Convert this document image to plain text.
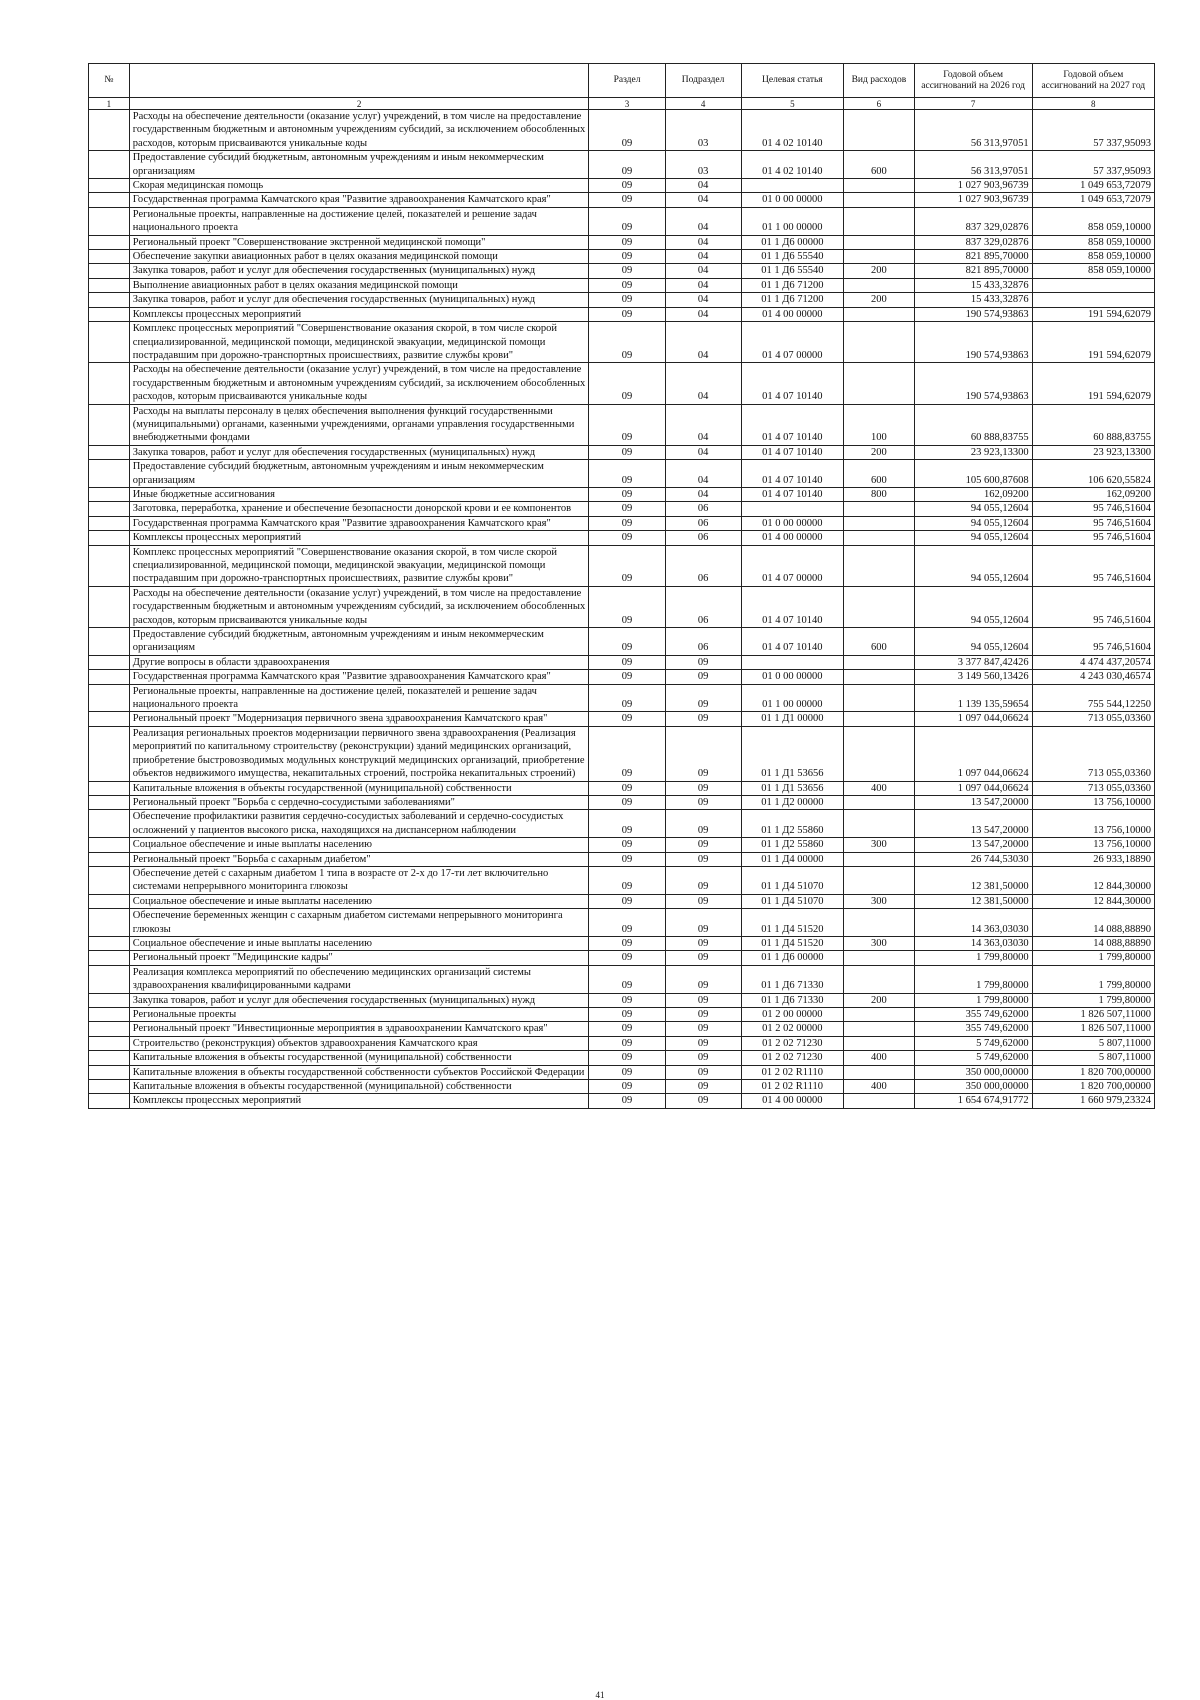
№		Раздел	Подраздел	Целевая статья	Вид расходов	Годовой объем ассигнований на 2026 год	Годовой объем ассигнований на 2027 год
1	2	3	4	5	6	7	8
	Расходы на обеспечение деятельности (оказание услуг) учреждений, в том числе на предоставление государственным бюджетным и автономным учреждениям субсидий, за исключением обособленных расходов, которым присваиваются уникальные коды	09	03	01 4 02 10140		56 313,97051	57 337,95093
	Предоставление субсидий бюджетным, автономным учреждениям и иным некоммерческим организациям	09	03	01 4 02 10140	600	56 313,97051	57 337,95093
	Скорая медицинская помощь	09	04			1 027 903,96739	1 049 653,72079
	Государственная программа Камчатского края "Развитие здравоохранения Камчатского края"	09	04	01 0 00 00000		1 027 903,96739	1 049 653,72079
	Региональные проекты, направленные на достижение целей, показателей и решение задач национального проекта	09	04	01 1 00 00000		837 329,02876	858 059,10000
	Региональный проект "Совершенствование экстренной медицинской помощи"	09	04	01 1 Д6 00000		837 329,02876	858 059,10000
	Обеспечение закупки авиационных работ в целях оказания медицинской помощи	09	04	01 1 Д6 55540		821 895,70000	858 059,10000
	Закупка товаров, работ и услуг для обеспечения государственных (муниципальных) нужд	09	04	01 1 Д6 55540	200	821 895,70000	858 059,10000
	Выполнение авиационных работ в целях оказания медицинской помощи	09	04	01 1 Д6 71200		15 433,32876	
	Закупка товаров, работ и услуг для обеспечения государственных (муниципальных) нужд	09	04	01 1 Д6 71200	200	15 433,32876	
	Комплексы процессных мероприятий	09	04	01 4 00 00000		190 574,93863	191 594,62079
	Комплекс процессных мероприятий "Совершенствование оказания скорой, в том числе скорой специализированной, медицинской помощи, медицинской эвакуации, медицинской помощи пострадавшим при дорожно-транспортных происшествиях, развитие службы крови"	09	04	01 4 07 00000		190 574,93863	191 594,62079
	Расходы на обеспечение деятельности (оказание услуг) учреждений, в том числе на предоставление государственным бюджетным и автономным учреждениям субсидий, за исключением обособленных расходов, которым присваиваются уникальные коды	09	04	01 4 07 10140		190 574,93863	191 594,62079
	Расходы на выплаты персоналу в целях обеспечения выполнения функций государственными (муниципальными) органами, казенными учреждениями, органами управления государственными внебюджетными фондами	09	04	01 4 07 10140	100	60 888,83755	60 888,83755
	Закупка товаров, работ и услуг для обеспечения государственных (муниципальных) нужд	09	04	01 4 07 10140	200	23 923,13300	23 923,13300
	Предоставление субсидий бюджетным, автономным учреждениям и иным некоммерческим организациям	09	04	01 4 07 10140	600	105 600,87608	106 620,55824
	Иные бюджетные ассигнования	09	04	01 4 07 10140	800	162,09200	162,09200
	Заготовка, переработка, хранение и обеспечение безопасности донорской крови и ее компонентов	09	06			94 055,12604	95 746,51604
	Государственная программа Камчатского края "Развитие здравоохранения Камчатского края"	09	06	01 0 00 00000		94 055,12604	95 746,51604
	Комплексы процессных мероприятий	09	06	01 4 00 00000		94 055,12604	95 746,51604
	Комплекс процессных мероприятий "Совершенствование оказания скорой, в том числе скорой специализированной, медицинской помощи, медицинской эвакуации, медицинской помощи пострадавшим при дорожно-транспортных происшествиях, развитие службы крови"	09	06	01 4 07 00000		94 055,12604	95 746,51604
	Расходы на обеспечение деятельности (оказание услуг) учреждений, в том числе на предоставление государственным бюджетным и автономным учреждениям субсидий, за исключением обособленных расходов, которым присваиваются уникальные коды	09	06	01 4 07 10140		94 055,12604	95 746,51604
	Предоставление субсидий бюджетным, автономным учреждениям и иным некоммерческим организациям	09	06	01 4 07 10140	600	94 055,12604	95 746,51604
	Другие вопросы в области здравоохранения	09	09			3 377 847,42426	4 474 437,20574
	Государственная программа Камчатского края "Развитие здравоохранения Камчатского края"	09	09	01 0 00 00000		3 149 560,13426	4 243 030,46574
	Региональные проекты, направленные на достижение целей, показателей и решение задач национального проекта	09	09	01 1 00 00000		1 139 135,59654	755 544,12250
	Региональный проект "Модернизация первичного звена здравоохранения Камчатского края"	09	09	01 1 Д1 00000		1 097 044,06624	713 055,03360
	Реализация региональных проектов модернизации первичного звена здравоохранения (Реализация мероприятий по капитальному строительству (реконструкции) зданий медицинских организаций, приобретение быстровозводимых модульных конструкций медицинских организаций, приобретение объектов недвижимого имущества, некапитальных строений, постройка некапитальных строений)	09	09	01 1 Д1 53656		1 097 044,06624	713 055,03360
	Капитальные вложения в объекты государственной (муниципальной) собственности	09	09	01 1 Д1 53656	400	1 097 044,06624	713 055,03360
	Региональный проект "Борьба с сердечно-сосудистыми заболеваниями"	09	09	01 1 Д2 00000		13 547,20000	13 756,10000
	Обеспечение профилактики развития сердечно-сосудистых заболеваний и сердечно-сосудистых осложнений у пациентов высокого риска, находящихся на диспансерном наблюдении	09	09	01 1 Д2 55860		13 547,20000	13 756,10000
	Социальное обеспечение и иные выплаты населению	09	09	01 1 Д2 55860	300	13 547,20000	13 756,10000
	Региональный проект "Борьба с сахарным диабетом"	09	09	01 1 Д4 00000		26 744,53030	26 933,18890
	Обеспечение детей с сахарным диабетом 1 типа в возрасте от 2-х до 17-ти лет включительно системами непрерывного мониторинга глюкозы	09	09	01 1 Д4 51070		12 381,50000	12 844,30000
	Социальное обеспечение и иные выплаты населению	09	09	01 1 Д4 51070	300	12 381,50000	12 844,30000
	Обеспечение беременных женщин с сахарным диабетом системами непрерывного мониторинга глюкозы	09	09	01 1 Д4 51520		14 363,03030	14 088,88890
	Социальное обеспечение и иные выплаты населению	09	09	01 1 Д4 51520	300	14 363,03030	14 088,88890
	Региональный проект "Медицинские кадры"	09	09	01 1 Д6 00000		1 799,80000	1 799,80000
	Реализация комплекса мероприятий по обеспечению медицинских организаций системы здравоохранения квалифицированными кадрами	09	09	01 1 Д6 71330		1 799,80000	1 799,80000
	Закупка товаров, работ и услуг для обеспечения государственных (муниципальных) нужд	09	09	01 1 Д6 71330	200	1 799,80000	1 799,80000
	Региональные проекты	09	09	01 2 00 00000		355 749,62000	1 826 507,11000
	Региональный проект "Инвестиционные мероприятия в здравоохранении Камчатского края"	09	09	01 2 02 00000		355 749,62000	1 826 507,11000
	Строительство (реконструкция) объектов здравоохранения Камчатского края	09	09	01 2 02 71230		5 749,62000	5 807,11000
	Капитальные вложения в объекты государственной (муниципальной) собственности	09	09	01 2 02 71230	400	5 749,62000	5 807,11000
	Капитальные вложения в объекты государственной собственности субъектов Российской Федерации	09	09	01 2 02 R1110		350 000,00000	1 820 700,00000
	Капитальные вложения в объекты государственной (муниципальной) собственности	09	09	01 2 02 R1110	400	350 000,00000	1 820 700,00000
	Комплексы процессных мероприятий	09	09	01 4 00 00000		1 654 674,91772	1 660 979,23324
41
